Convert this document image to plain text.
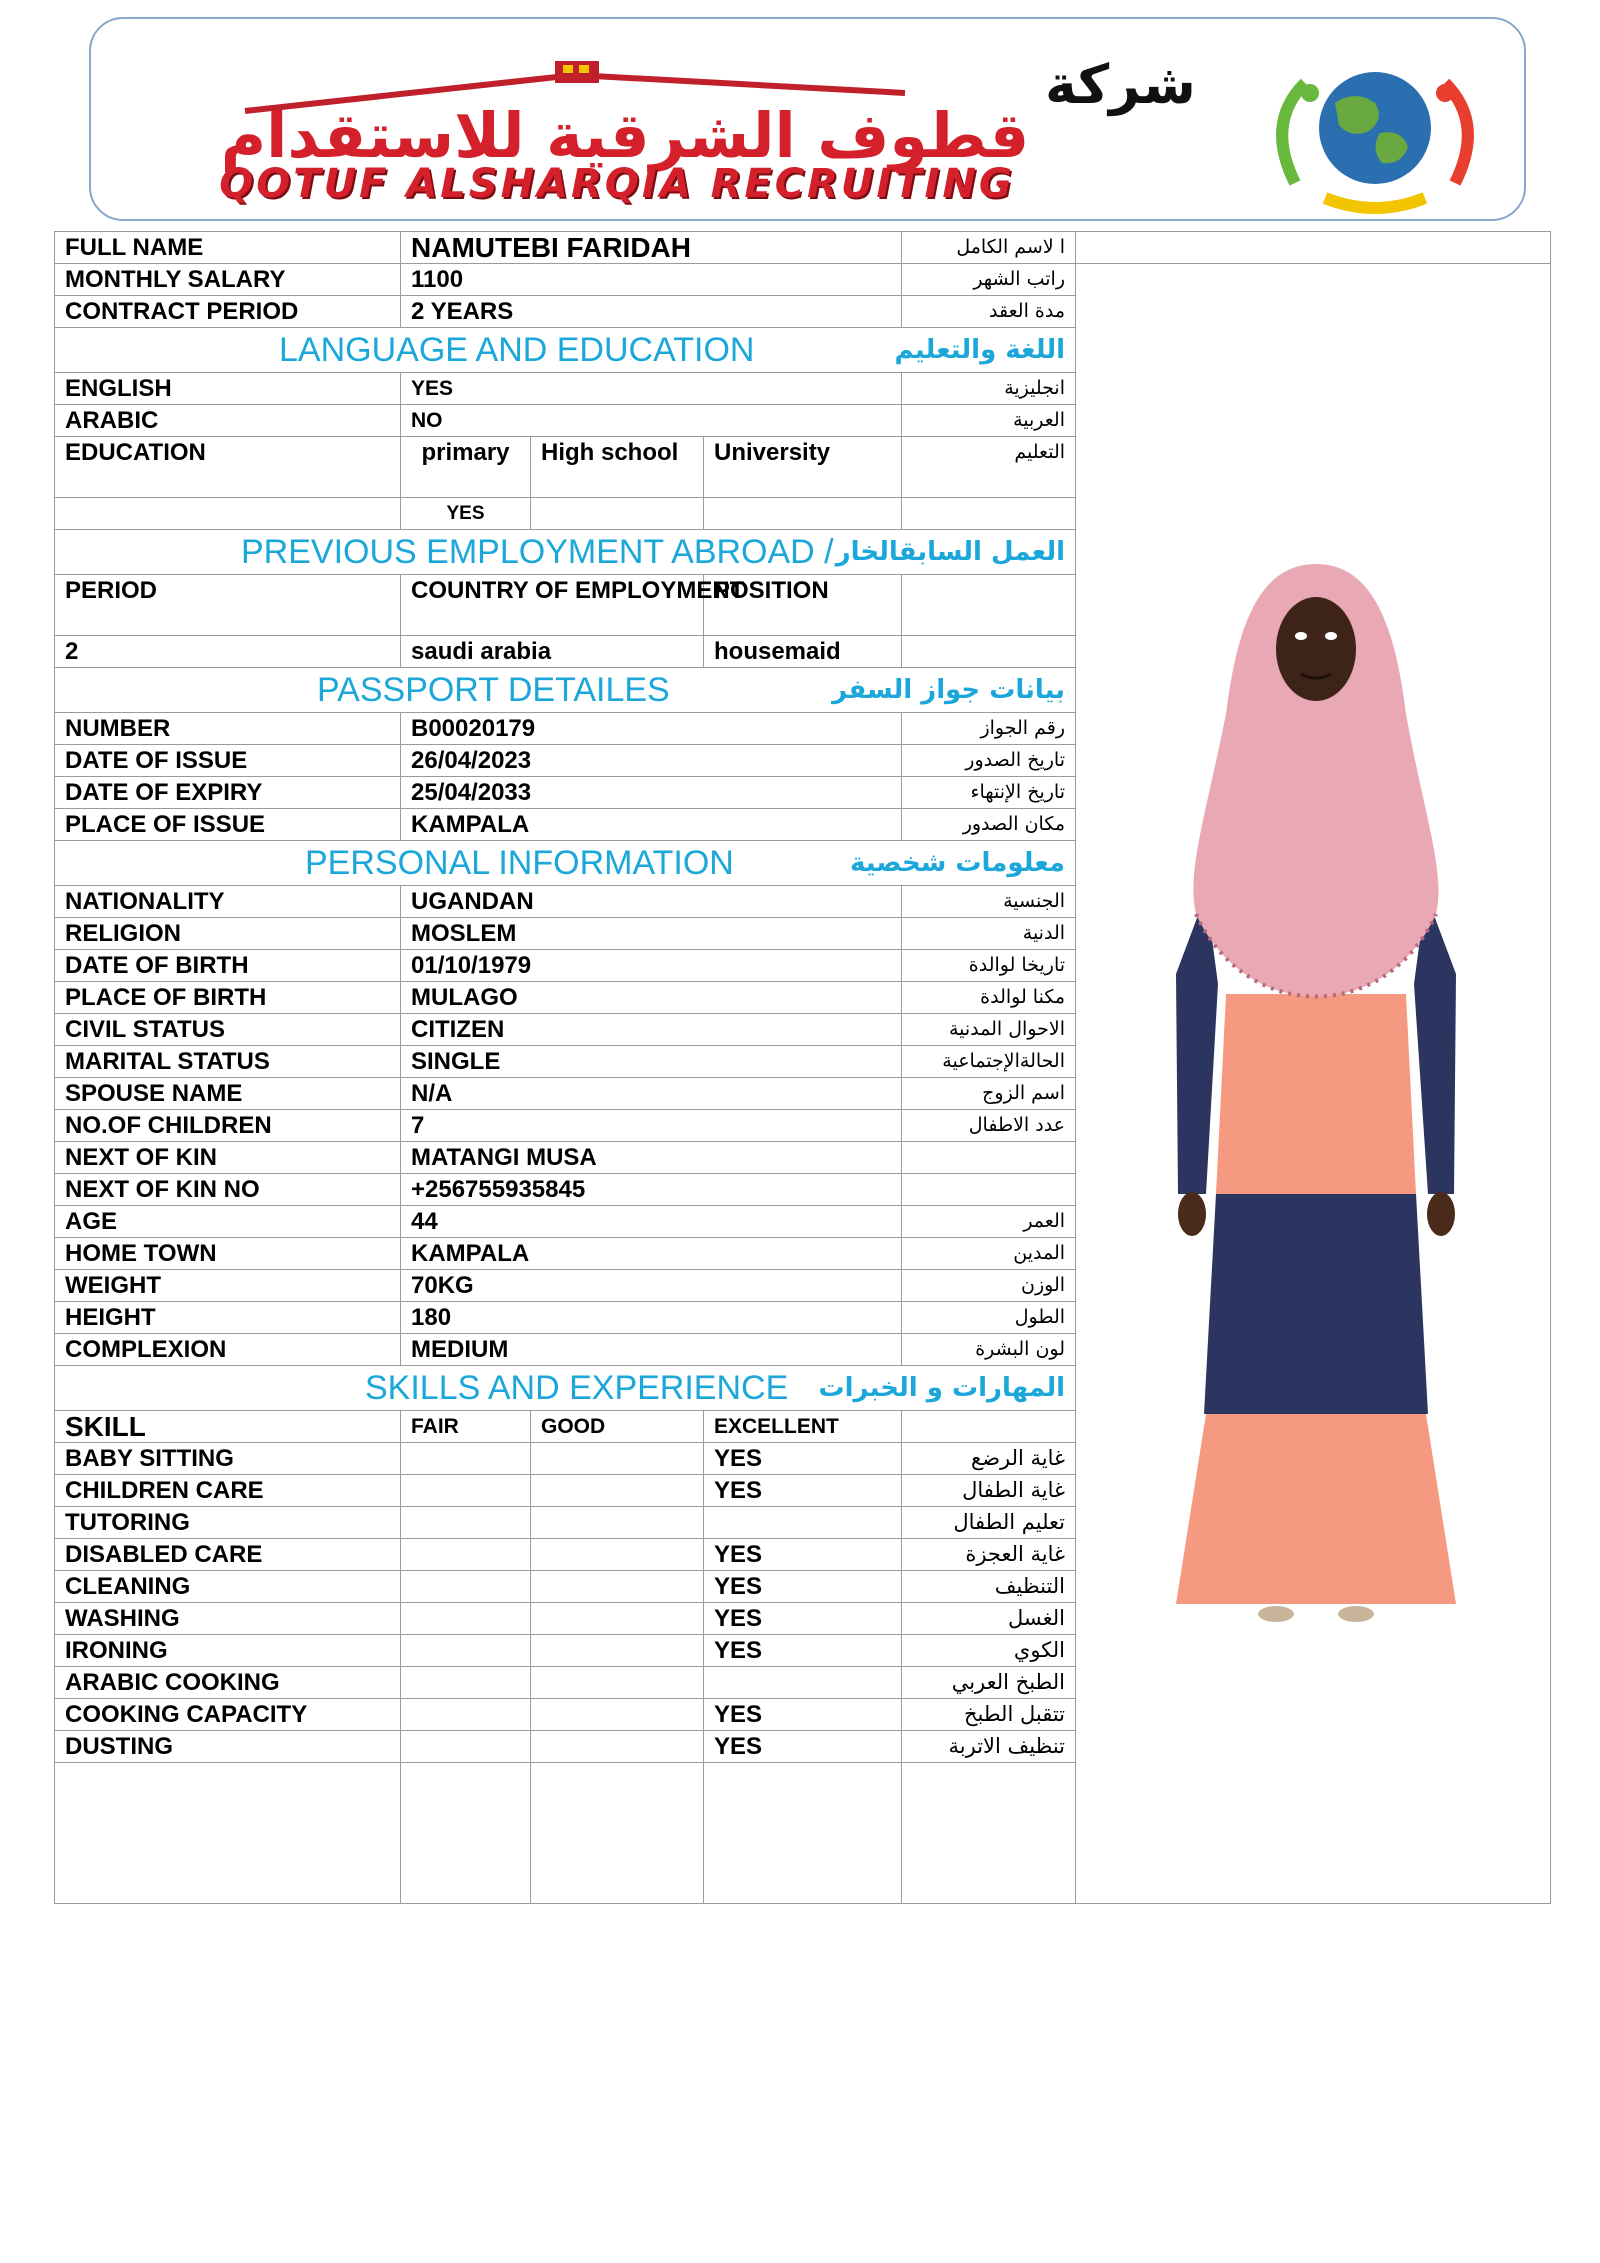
شركة
قطوف الشرقية للاستقدام
QOTUF ALSHARQIA RECRUITING
FULL NAME	NAMUTEBI FARIDAH			ا لاسم الكامل		
MONTHLY SALARY	1100			راتب الشهر	

CONTRACT PERIOD	2 YEARS			مدة العقد		

LANGUAGE AND EDUCATION اللغة والتعليم						

ENGLISH	YES			انجليزية		
ARABIC	NO			العربية		
EDUCATION	primary	High school	University	التعليم		
	YES					

PREVIOUS EMPLOYMENT ABROAD / العمل السابقالخار						

PERIOD	COUNTRY OF EMPLOYMENT		POSITION			
2	saudi arabia		housemaid			

PASSPORT DETAILES بيانات جواز السفر						

NUMBER	B00020179			رقم الجواز		
DATE OF ISSUE	26/04/2023			تاريخ الصدور		
DATE OF EXPIRY	25/04/2033			تاريخ الإنتهاء		
PLACE OF ISSUE	KAMPALA			مكان الصدور		

PERSONAL INFORMATION معلومات شخصية						

NATIONALITY	UGANDAN			الجنسية		
RELIGION	MOSLEM			الدنية		
DATE OF BIRTH	01/10/1979			تاريخا لوالدة		
PLACE OF BIRTH	MULAGO			مكنا لوالدة		
CIVIL STATUS	CITIZEN			الاحوال المدنية		
MARITAL STATUS	SINGLE			الحالةالإجتماعية		
SPOUSE NAME	N/A			اسم الزوج		
NO.OF CHILDREN	7			عدد الاطفال		
NEXT OF KIN	MATANGI MUSA					
NEXT OF KIN NO	+256755935845					
AGE	44			العمر		
HOME TOWN	KAMPALA			المدين		
WEIGHT	70KG			الوزن		
HEIGHT	180			الطول		
COMPLEXION	MEDIUM			لون البشرة		

SKILLS AND EXPERIENCE المهارات و الخبرات						

SKILL	FAIR	GOOD	EXCELLENT			
BABY SITTING			YES	غاية الرضع		
CHILDREN CARE			YES	غاية الطفال		
TUTORING				تعليم الطفال		
DISABLED CARE			YES	غاية العجزة		
CLEANING			YES	التنظيف		
WASHING			YES	الغسل		
IRONING			YES	الكوي		
ARABIC COOKING				الطبخ العربي		
COOKING CAPACITY			YES	تتقبل الطبخ		
DUSTING			YES	تنظيف الاتربة	
